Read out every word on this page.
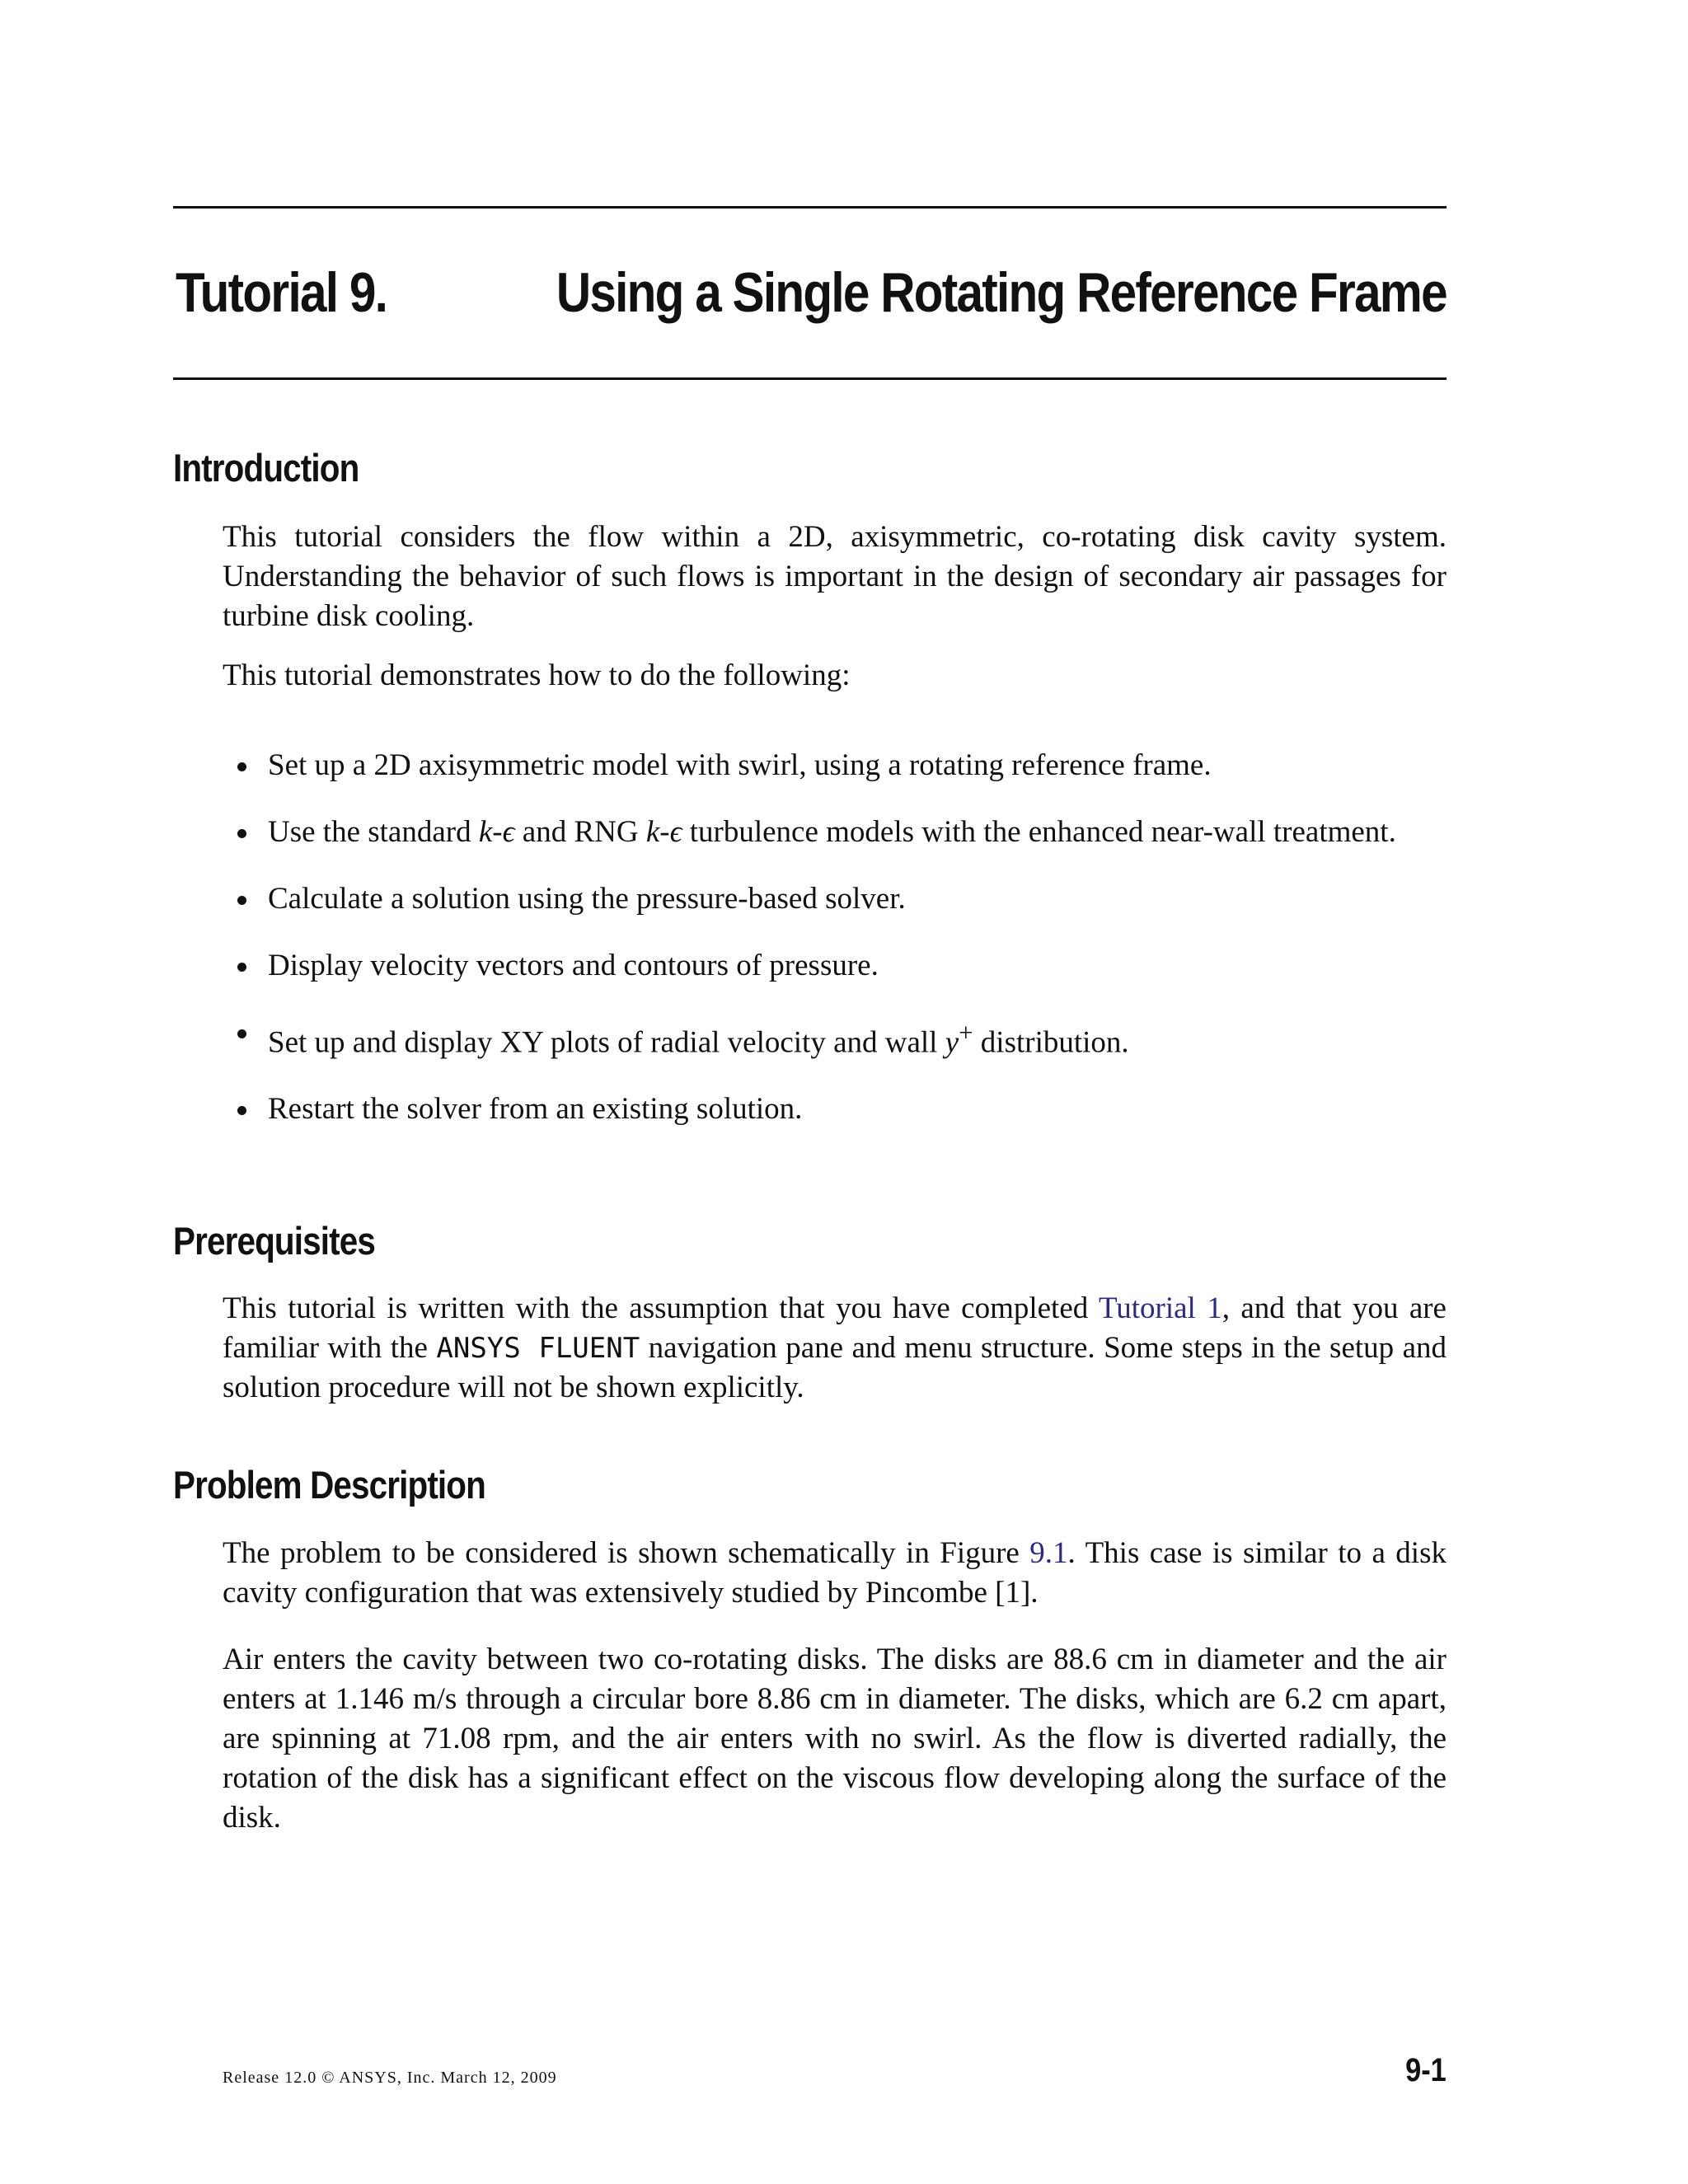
Tutorial 9.	Using a Single Rotating Reference Frame
Introduction

This tutorial considers the flow within a 2D, axisymmetric, co-rotating disk cavity system. Understanding the behavior of such flows is important in the design of secondary air passages for turbine disk cooling.

This tutorial demonstrates how to do the following:

Set up a 2D axisymmetric model with swirl, using a rotating reference frame.
Use the standard k-ϵ and RNG k-ϵ turbulence models with the enhanced near-wall treatment.
Calculate a solution using the pressure-based solver.
Display velocity vectors and contours of pressure.
Set up and display XY plots of radial velocity and wall y+ distribution.
Restart the solver from an existing solution.
Prerequisites

This tutorial is written with the assumption that you have completed Tutorial 1, and that you are familiar with the ANSYS FLUENT navigation pane and menu structure. Some steps in the setup and solution procedure will not be shown explicitly.

Problem Description

The problem to be considered is shown schematically in Figure 9.1. This case is similar to a disk cavity configuration that was extensively studied by Pincombe [1].

Air enters the cavity between two co-rotating disks. The disks are 88.6 cm in diameter and the air enters at 1.146 m/s through a circular bore 8.86 cm in diameter. The disks, which are 6.2 cm apart, are spinning at 71.08 rpm, and the air enters with no swirl. As the flow is diverted radially, the rotation of the disk has a significant effect on the viscous flow developing along the surface of the disk.

Release 12.0 © ANSYS, Inc. March 12, 2009	9-1
